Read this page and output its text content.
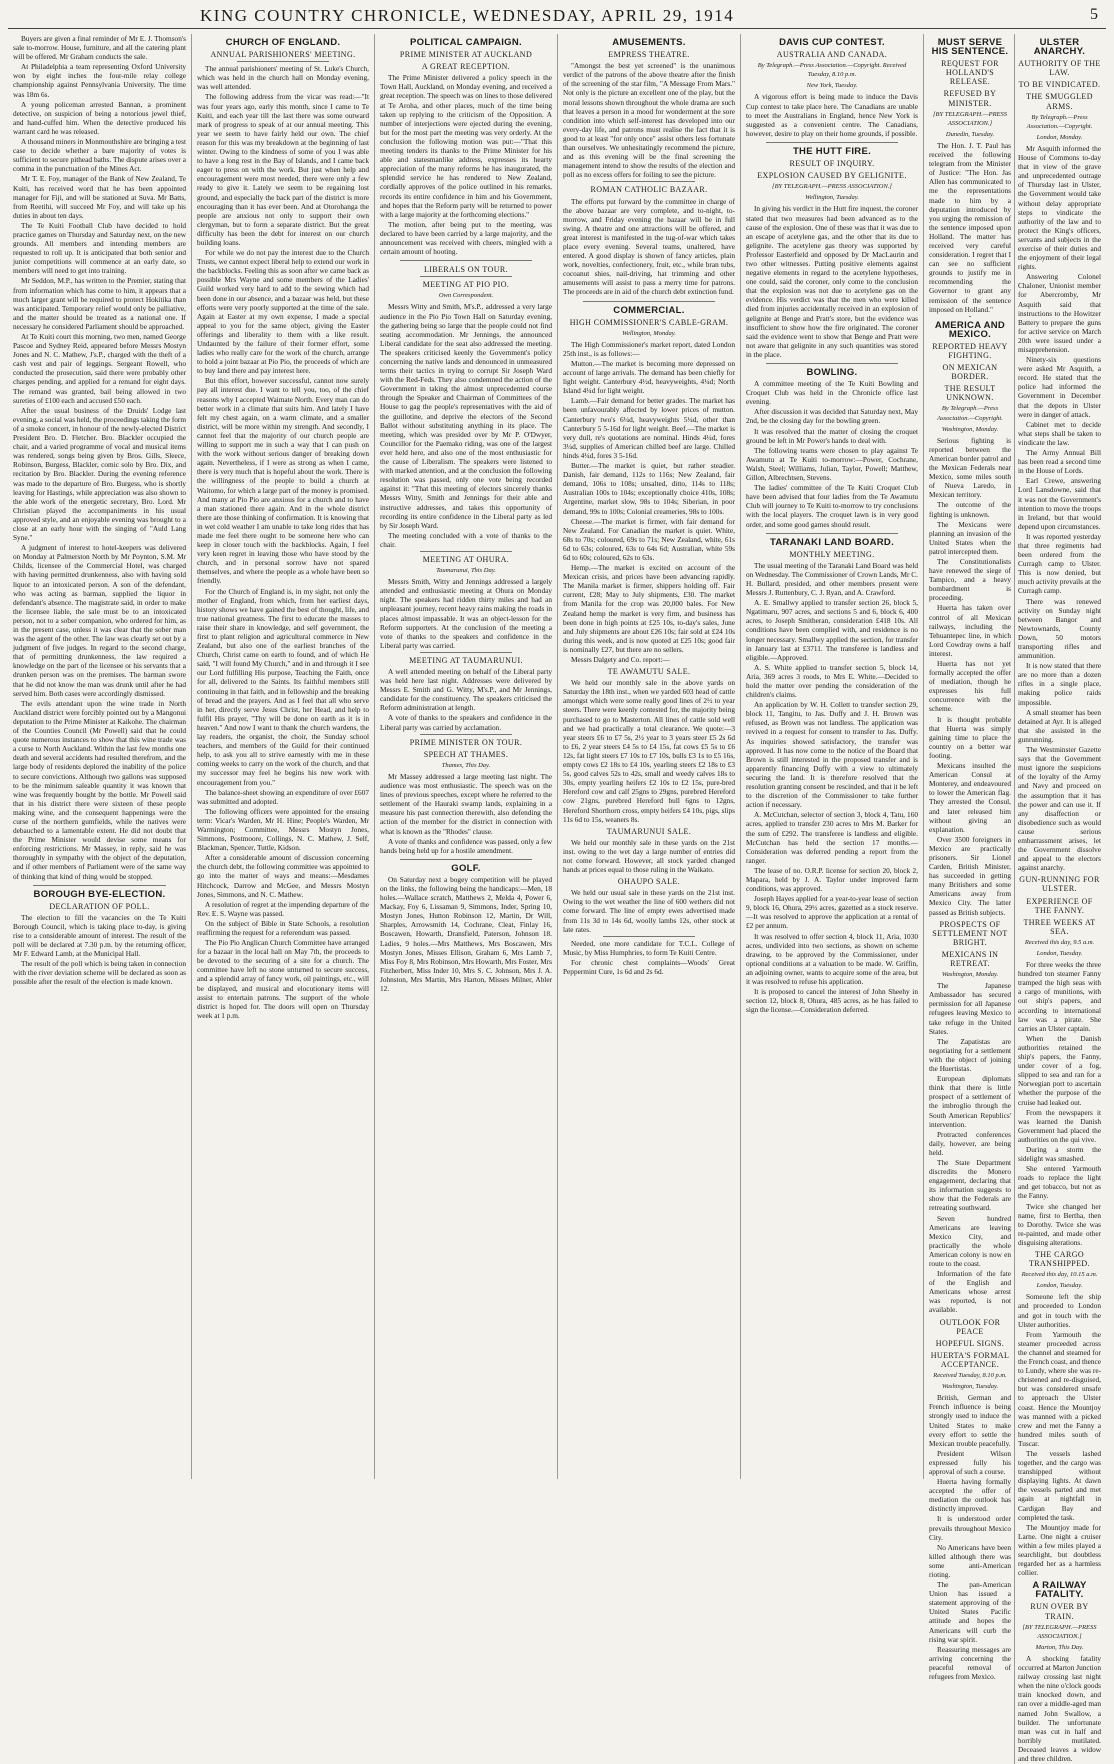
KING COUNTRY CHRONICLE, WEDNESDAY, APRIL 29, 1914	5

Buyers are given a final reminder of Mr E. J. Thomson's sale to-morrow. House, furniture, and all the catering plant will be offered. Mr Graham conducts the sale.

At Philadelphia a team representing Oxford University won by eight inches the four-mile relay college championship against Pennsylvania University. The time was 18m 6s.

A young policeman arrested Bannan, a prominent detective, on suspicion of being a notorious jewel thief, and hand-cuffed him. When the detective produced his warrant card he was released.

A thousand miners in Monmouthshire are bringing a test case to decide whether a bare majority of votes is sufficient to secure pithead baths. The dispute arises over a comma in the punctuation of the Mines Act.

Mr T. E. Foy, manager of the Bank of New Zealand, Te Kuiti, has received word that he has been appointed manager for Fiji, and will be stationed at Suva. Mr Batts, from Reetihi, will succeed Mr Foy, and will take up his duties in about ten days.

The Te Kuiti Football Club have decided to hold practice games on Thursday and Saturday next, on the new grounds. All members and intending members are requested to roll up. It is anticipated that both senior and junior competitions will commence at an early date, so members will need to get into training.

Mr Seddon, M.P., has written to the Premier, stating that from information which has come to him, it appears that a much larger grant will be required to protect Hokitika than was anticipated. Temporary relief would only be palliative, and the matter should be treated as a national one. If necessary he considered Parliament should be approached.

At Te Kuiti court this morning, two men, named George Pascoe and Sydney Reid, appeared before Messrs Mostyn Jones and N. C. Mathew, J's.P., charged with the theft of a cash vest and pair of leggings. Sergeant Rowell, who conducted the prosecution, said there were probably other charges pending, and applied for a remand for eight days. The remand was granted, bail being allowed in two sureties of £100 each and accused £50 each.

After the usual business of the Druids' Lodge last evening, a social was held, the proceedings taking the form of a smoke concert, in honour of the newly-elected District President Bro. D. Fletcher. Bro. Blackler occupied the chair, and a varied programme of vocal and musical items was rendered, songs being given by Bros. Gills, Sleece, Robinson, Burgess, Blackler, comic solo by Bro. Dix, and recitation by Bro. Blackler. During the evening reference was made to the departure of Bro. Burgess, who is shortly leaving for Hastings, while appreciation was also shown to the able work of the energetic secretary, Bro. Lord. Mr Christian played the accompaniments in his usual approved style, and an enjoyable evening was brought to a close at an early hour with the singing of "Auld Lang Syne."

A judgment of interest to hotel-keepers was delivered on Monday at Palmerston North by Mr Poynton, S.M. Mr Childs, licensee of the Commercial Hotel, was charged with having permitted drunkenness, also with having sold liquor to an intoxicated person. A son of the defendant, who was acting as barman, supplied the liquor in defendant's absence. The magistrate said, in order to make the licensee liable, the sale must be to an intoxicated person, not to a sober companion, who ordered for him, as in the present case, unless it was clear that the sober man was the agent of the other. The law was clearly set out by a judgment of five judges. In regard to the second charge, that of permitting drunkenness, the law required a knowledge on the part of the licensee or his servants that a drunken person was on the premises. The barman swore that he did not know the man was drunk until after he had served him. Both cases were accordingly dismissed.

The evils attendant upon the wine trade in North Auckland district were forcibly pointed out by a Mangonui deputation to the Prime Minister at Kaikohe. The chairman of the Counties Council (Mr Powell) said that he could quote numerous instances to show that this wine trade was a curse to North Auckland. Within the last few months one death and several accidents had resulted therefrom, and the large body of residents deplored the inability of the police to secure convictions. Although two gallons was supposed to be the minimum saleable quantity it was known that wine was frequently bought by the bottle. Mr Powell said that in his district there were sixteen of these people making wine, and the consequent happenings were the curse of the northern gumfields, while the natives were debauched to a lamentable extent. He did not doubt that the Prime Minister would devise some means for enforcing restrictions. Mr Massey, in reply, said he was thoroughly in sympathy with the object of the deputation, and if other members of Parliament were of the same way of thinking that kind of thing would be stopped.

BOROUGH BYE-ELECTION.
DECLARATION OF POLL.

The election to fill the vacancies on the Te Kuiti Borough Council, which is taking place to-day, is giving rise to a considerable amount of interest. The result of the poll will be declared at 7.30 p.m. by the returning officer, Mr F. Edward Lamb, at the Municipal Hall.

The result of the poll which is being taken in connection with the river deviation scheme will be declared as soon as possible after the result of the election is made known.

CHURCH OF ENGLAND.
ANNUAL PARISHIONERS' MEETING.

The annual parishioners' meeting of St. Luke's Church, which was held in the church hall on Monday evening, was well attended.

The following address from the vicar was read:—"It was four years ago, early this month, since I came to Te Kuiti, and each year till the last there was some outward mark of progress to speak of at our annual meeting. This year we seem to have fairly held our own. The chief reason for this was my breakdown at the beginning of last winter. Owing to the kindness of some of you I was able to have a long rest in the Bay of Islands, and I came back eager to press on with the work. But just when help and encouragement were most needed, there were only a few ready to give it. Lately we seem to be regaining lost ground, and especially the back part of the district is more encouraging than it has ever been. And at Otorohanga the people are anxious not only to support their own clergyman, but to form a separate district. But the great difficulty has been the debt for interest on our church building loans.

For while we do not pay the interest due to the Church Trusts, we cannot expect liberal help to extend our work in the backblocks. Feeling this as soon after we came back as possible Mrs Wayne and some members of the Ladies' Guild worked very hard to add to the sewing which had been done in our absence, and a bazaar was held, but these efforts were very poorly supported at the time of the sale. Again at Easter at my own expense, I made a special appeal to you for the same object, giving the Easter offerings and liberality to them with a like result. Undaunted by the failure of their former effort, some ladies who really care for the work of the church, arrange to hold a joint bazaar at Pio Pio, the proceeds of which are to buy land there and pay interest here.

But this effort, however successful, cannot now surely pay all interest due. I want to tell you, too, of the chief reasons why I accepted Waimate North. Every man can do better work in a climate that suits him. And lately I have felt my chest again, on a warm climate, and a smaller district, will be more within my strength. And secondly, I cannot feel that the majority of our church people are willing to support me in such a way that I can push on with the work without serious danger of breaking down again. Nevertheless, if I were as strong as when I came, there is very much that is hopeful about the work. There is the willingness of the people to build a church at Waitomo, for which a large part of the money is promised. And many at Pio Pio are anxious for a church and to have a man stationed there again. And in the whole district there are those thinking of confirmation. It is knowing that in wet cold weather I am unable to take long rides that has made me feel there ought to be someone here who can keep in closer touch with the backblocks. Again, I feel very keen regret in leaving those who have stood by the church, and in personal sorrow have not spared themselves, and where the people as a whole have been so friendly.

For the Church of England is, in my sight, not only the mother of England, from which, from her earliest days, history shows we have gained the best of thought, life, and true national greatness. The first to educate the masses to raise their share in knowledge, and self government, the first to plant religion and agricultural commerce in New Zealand, but also one of the earliest branches of the Church, Christ came on earth to found, and of which He said, "I will found My Church," and in and through it I see our Lord fulfilling His purpose, Teaching the Faith, once for all, delivered to the Saints. Its faithful members still continuing in that faith, and in fellowship and the breaking of bread and the prayers. And as I feel that all who serve in her, directly serve Jesus Christ, her Head, and help to fulfil His prayer, "Thy will be done on earth as it is in heaven." And now I want to thank the church wardens, the lay readers, the organist, the choir, the Sunday school teachers, and members of the Guild for their continued help, to ask you all to strive earnestly with me in these coming weeks to carry on the work of the church, and that my successor may feel he begins his new work with encouragement from you."

The balance-sheet showing an expenditure of over £607 was submitted and adopted.

The following officers were appointed for the ensuing term: Vicar's Warden, Mr H. Hine; People's Warden, Mr Warmington; Committee, Messrs Mostyn Jones, Simmons, Postmoore, Collings, N. C. Mathew, J. Self, Blackman, Spencer, Tuttle, Kidson.

After a considerable amount of discussion concerning the church debt, the following committee was appointed to go into the matter of ways and means:—Mesdames Hitchcock, Darrow and McGee, and Messrs Mostyn Jones, Simmons, and N. C. Mathew.

A resolution of regret at the impending departure of the Rev. E. S. Wayne was passed.

On the subject of Bible in State Schools, a resolution reaffirming the request for a referendum was passed.

The Pio Pio Anglican Church Committee have arranged for a bazaar in the local hall on May 7th, the proceeds to be devoted to the securing of a site for a church. The committee have left no stone unturned to secure success, and a splendid array of fancy work, oil paintings, etc., will be displayed, and musical and elocutionary items will assist to entertain patrons. The support of the whole district is hoped for. The doors will open on Thursday week at 1 p.m.

POLITICAL CAMPAIGN.
PRIME MINISTER AT AUCKLAND
A GREAT RECEPTION.

The Prime Minister delivered a policy speech in the Town Hall, Auckland, on Monday evening, and received a great reception. The speech was on lines to those delivered at Te Aroha, and other places, much of the time being taken up replying to the criticism of the Opposition. A number of interjections were ejected during the evening, but for the most part the meeting was very orderly. At the conclusion the following motion was put:—"That this meeting tenders its thanks to the Prime Minister for his able and statesmanlike address, expresses its hearty appreciation of the many reforms he has inaugurated, the splendid service he has rendered to New Zealand, cordially approves of the police outlined in his remarks, records its entire confidence in him and his Government, and hopes that the Reform party will be returned to power with a large majority at the forthcoming elections."

The motion, after being put to the meeting, was declared to have been carried by a large majority, and the announcement was received with cheers, mingled with a certain amount of hooting.

LIBERALS ON TOUR.
MEETING AT PIO PIO.
Own Correspondent.

Messrs Witty and Smith, M's.P., addressed a very large audience in the Pio Pio Town Hall on Saturday evening, the gathering being so large that the people could not find seating accommodation. Mr Jennings, the announced Liberal candidate for the seat also addressed the meeting. The speakers criticised keenly the Government's policy concerning the native lands and denounced in unmeasured terms their tactics in trying to corrupt Sir Joseph Ward with the Red-Feds. They also condemned the action of the Government in taking the almost unprecedented course through the Speaker and Chairman of Committees of the House to gag the people's representatives with the aid of the guillotine, and deprive the electors of the Second Ballot without substituting anything in its place. The meeting, which was presided over by Mr P. O'Dwyer, Councillor for the Paemako riding, was one of the largest ever held here, and also one of the most enthusiastic for the cause of Liberalism. The speakers were listened to with marked attention, and at the conclusion the following resolution was passed, only one vote being recorded against it: "That this meeting of electors sincerely thanks Messrs Witty, Smith and Jennings for their able and instructive addresses, and takes this opportunity of recording its entire confidence in the Liberal party as led by Sir Joseph Ward.

The meeting concluded with a vote of thanks to the chair.

MEETING AT OHURA.
Taumarunui, This Day.

Messrs Smith, Witty and Jennings addressed a largely attended and enthusiastic meeting at Ohura on Monday night. The speakers had ridden thirty miles and had an unpleasant journey, recent heavy rains making the roads in places almost impassable. It was an object-lesson for the Reform supporters. At the conclusion of the meeting a vote of thanks to the speakers and confidence in the Liberal party was carried.

MEETING AT TAUMARUNUI.

A well attended meeting on behalf of the Liberal party was held here last night. Addresses were delivered by Messrs E. Smith and G. Witty, M's.P., and Mr Jennings, candidate for the constituency. The speakers criticised the Reform administration at length.

A vote of thanks to the speakers and confidence in the Liberal party was carried by acclamation.

PRIME MINISTER ON TOUR.
SPEECH AT THAMES.
Thames, This Day.

Mr Massey addressed a large meeting last night. The audience was most enthusiastic. The speech was on the lines of previous speeches, except where he referred to the settlement of the Hauraki swamp lands, explaining in a measure his past connection therewith, also defending the action of the member for the district in connection with what is known as the "Rhodes" clause.

A vote of thanks and confidence was passed, only a few hands being held up for a hostile amendment.

GOLF.

On Saturday next a bogey competition will be played on the links, the following being the handicaps:—Men, 18 holes.—Wallace scratch, Matthews 2, Melda 4, Power 6, Mackay, Foy 6, Lissaman 9, Simmons, Inder, Spring 10, Mostyn Jones, Hutton Robinson 12, Martin, Dr Will, Sharples, Arrowsmith 14, Cochrane, Cleat, Finlay 16, Boscawen, Howarth, Dransfield, Paterson, Johnson 18. Ladies, 9 holes.—Mrs Matthews, Mrs Boscawen, Mrs Mostyn Jones, Misses Ellison, Graham 6, Mrs Lamb 7, Miss Foy 8, Mrs Robinson, Mrs Howarth, Mrs Foster, Mrs Fitzherbert, Miss Inder 10, Mrs S. C. Johnson, Mrs J. A. Johnston, Mrs Martin, Mrs Harton, Misses Milner, Abler 12.

AMUSEMENTS.
EMPRESS THEATRE.

"Amongst the best yet screened" is the unanimous verdict of the patrons of the above theatre after the finish of the screening of the star film, "A Message From Mars." Not only is the picture an excellent one of the play, but the moral lessons shown throughout the whole drama are such that leaves a person in a mood for wonderment at the sore condition into which self-interest has developed into our every-day life, and patrons must realise the fact that it is good to at least "for only once" assist others less fortunate than ourselves. We unhesitatingly recommend the picture, and as this evening will be the final screening the management intend to show the results of the election and poll as no excess offers for foiling to see the picture.

ROMAN CATHOLIC BAZAAR.

The efforts put forward by the committee in charge of the above bazaar are very complete, and to-night, to-morrow, and Friday evening the bazaar will be in full swing. A theatre and one attractions will be offered, and great interest is manifested in the tug-of-war which takes place every evening. Several teams, unaltered, have entered. A good display is shown of fancy articles, plain work, novelties, confectionery, fruit, etc., while bran tubs, cocoanut shies, nail-driving, hat trimming and other amusements will assist to pass a merry time for patrons. The proceeds are in aid of the church debt extinction fund.

COMMERCIAL.
HIGH COMMISSIONER'S CABLE-GRAM.
Wellington, Monday.

The High Commissioner's market report, dated London 25th inst., is as follows:—

Mutton.—The market is becoming more depressed on account of large arrivals. The demand has been chiefly for light weight. Canterbury 4½d, heavyweights, 4¼d; North Island 4¼d for light weight.

Lamb.—Fair demand for better grades. The market has been unfavourably affected by lower prices of mutton. Canterbury two's 6¼d, heavyweights 5¼d, other than Canterbury 5 5-16d for light weight. Beef.—The market is very dull, re's quotations are nominal. Hinds 4¼d, fores 3¼d, supplies of American chilled beef are large. Chilled hinds 4¼d, fores 3 5-16d.

Butter.—The market is quiet, but rather steadier. Danish, fair demand, 112s to 116s; New Zealand, fair demand, 106s to 108s; unsalted, ditto, 114s to 118s; Australian 100s to 104s; exceptionally choice 410s, 108s; Argentine, market slow, 98s to 104s; Siberian, in poor demand, 99s to 100s; Colonial creameries, 98s to 100s.

Cheese.—The market is firmer, with fair demand for New Zealand. For Canadian the market is quiet. White, 68s to 70s; coloured, 69s to 71s; New Zealand, white, 61s 6d to 63s; coloured, 63s to 64s 6d; Australian, white 59s 6d to 60s; coloured, 62s to 63s.

Hemp.—The market is excited on account of the Mexican crisis, and prices have been advancing rapidly. The Manila market is firmer, shippers holding off. Fair current, £28; May to July shipments, £30. The market from Manila for the crop was 20,000 bales. For New Zealand hemp the market is very firm, and business has been done in high points at £25 10s, to-day's sales, June and July shipments are about £26 10s; fair sold at £24 10s during this week, and is now quoted at £25 10s; good fair is nominally £27, but there are no sellers.

Messrs Dalgety and Co. report:—

TE AWAMUTU SALE.

We held our monthly sale in the above yards on Saturday the 18th inst., when we yarded 603 head of cattle amongst which were some really good lines of 2½ to year steers. There were keenly contested for, the majority being purchased to go to Masterton. All lines of cattle sold well and we had practically a total clearance. We quote:—3 year steers £6 to £7 5s, 2½ year to 3 years steer £5 2s 6d to £6, 2 year steers £4 5s to £4 15s, fat cows £5 5s to £6 12s, fat light steers £7 10s to £7 10s, bulls £3 1s to £5 16s, empty cows £2 18s to £4 10s, yearling steers £2 18s to £3 5s, good calves 52s to 42s, small and weedy calves 18s to 30s, empty yearling heifers £2 10s to £2 15s, pure-bred Hereford cow and calf 25gns to 29gns, purebred Hereford cow 21gns, purebred Hereford bull 6gns to 12gns, Hereford Shorthorn cross, empty heifers £4 10s, pigs, slips 11s 6d to 15s, weaners 8s.

TAUMARUNUI SALE.

We held our monthly sale in these yards on the 21st inst. owing to the wet day a large number of entries did not come forward. However, all stock yarded changed hands at prices equal to those ruling in the Waikato.

OHAUPO SALE.

We held our usual sale in these yards on the 21st inst. Owing to the wet weather the line of 600 wethers did not come forward. The line of empty ewes advertised made from 11s 3d to 14s 6d, woolly lambs 12s, other stock at late rates.

Needed, one more candidate for T.C.L. College of Music, by Miss Humphries, to form Te Kuiti Centre.

For chronic chest complaints—Woods' Great Peppermint Cure, 1s 6d and 2s 6d.

DAVIS CUP CONTEST.
AUSTRALIA AND CANADA.
By Telegraph.—Press Association.—Copyright. Received Tuesday, 8.10 p.m.
New York, Tuesday.

A vigorous effort is being made to induce the Davis Cup contest to take place here. The Canadians are unable to meet the Australians in England, hence New York is suggested as a convenient centre. The Canadians, however, desire to play on their home grounds, if possible.

THE HUTT FIRE.
RESULT OF INQUIRY.
EXPLOSION CAUSED BY GELIGNITE.
[BY TELEGRAPH.—PRESS ASSOCIATION.]
Wellington, Tuesday.

In giving his verdict in the Hutt fire inquest, the coroner stated that two measures had been advanced as to the cause of the explosion. One of these was that it was due to an escape of acetylene gas, and the other that its due to gelignite. The acetylene gas theory was supported by Professor Easterfield and opposed by Dr MacLaurin and two other witnesses. Putting positive elements against negative elements in regard to the acetylene hypotheses, one could, said the coroner, only come to the conclusion that the explosion was not due to acetylene gas on the evidence. His verdict was that the men who were killed died from injuries accidentally received in an explosion of gelignite at Benge and Pratt's store, but the evidence was insufficient to show how the fire originated. The coroner said the evidence went to show that Benge and Pratt were not aware that gelignite in any such quantities was stored in the place.

BOWLING.

A committee meeting of the Te Kuiti Bowling and Croquet Club was held in the Chronicle office last evening.

After discussion it was decided that Saturday next, May 2nd, be the closing day for the bowling green.

It was resolved that the matter of closing the croquet ground be left in Mr Power's hands to deal with.

The following teams were chosen to play against Te Awamutu at Te Kuiti to-morrow:—Power, Cochrane, Walsh, Steel; Williams, Julian, Taylor, Powell; Matthew, Gillon, Albrechtsen, Stevens.

The ladies' committee of the Te Kuiti Croquet Club have been advised that four ladies from the Te Awamutu Club will journey to Te Kuiti to-morrow to try conclusions with the local players. The croquet lawn is in very good order, and some good games should result.

TARANAKI LAND BOARD.
MONTHLY MEETING.

The usual meeting of the Taranaki Land Board was held on Wednesday. The Commissioner of Crown Lands, Mr C. H. Bullard, presided, and other members present were Messrs J. Ruttenbury, C. J. Ryan, and A. Crawford.

A. E. Smallwy applied to transfer section 26, block 5, Ngatimaru, 907 acres, and sections 5 and 6, block 6, 400 acres, to Joseph Smitheran, consideration £418 10s. All conditions have been complied with, and residence is no longer necessary. Smallwy applied the section, for transfer in January last at £3711. The transferee is landless and eligible.—Approved.

A. S. White applied to transfer section 5, block 14, Aria, 369 acres 3 roods, to Mrs E. White.—Decided to hold the matter over pending the consideration of the children's claims.

An application by W. H. Collett to transfer section 29, block 11, Tangitu, to Jas. Duffy and J. H. Brown was refused, as Brown was not landless. The application was revived in a request for consent to transfer to Jas. Duffy. As inquiries showed satisfactory, the transfer was approved. It has now come to the notice of the Board that Brown is still interested in the proposed transfer and is apparently financing Duffy with a view to ultimately securing the land. It is therefore resolved that the resolution granting consent be rescinded, and that it be left to the discretion of the Commissioner to take further action if necessary.

A. McCutchan, selector of section 3, block 4, Tatu, 160 acres, applied to transfer 230 acres to Mrs M. Barker for the sum of £292. The transferee is landless and eligible. McCutchan has held the section 17 months.—Consideration was deferred pending a report from the ranger.

The lease of no. O.R.P. license for section 20, block 2, Mapara, held by J. A. Taylor under improved farm conditions, was approved.

Joseph Hayes applied for a year-to-year lease of section 9, block 16, Ohura, 29½ acres, gazetted as a stock reserve.—It was resolved to approve the application at a rental of £2 per annum.

It was resolved to offer section 4, block 11, Aria, 1030 acres, undivided into two sections, as shown on scheme drawing, to be approved by the Commissioner, under optional conditions at a valuation to be made. W. Griffin, an adjoining owner, wants to acquire some of the area, but it was resolved to refuse his application.

It is proposed to cancel the interest of John Sheehy in section 12, block 8, Ohura, 485 acres, as he has failed to sign the license.—Consideration deferred.

MUST SERVE HIS SENTENCE.
REQUEST FOR HOLLAND'S RELEASE.
REFUSED BY MINISTER.
[BY TELEGRAPH.—PRESS ASSOCIATION.]
Dunedin, Tuesday.

The Hon. J. T. Paul has received the following telegram from the Minister of Justice: "The Hon. Jas Allen has communicated to me the representations made to him by a deputation introduced by you urging the remission of the sentence imposed upon Holland. The matter has received very careful consideration. I regret that I can see no sufficient grounds to justify me in recommending the Governor to grant any remission of the sentence imposed on Holland."

AMERICA AND MEXICO.
REPORTED HEAVY FIGHTING.
ON MEXICAN BORDER.
THE RESULT UNKNOWN.
By Telegraph.—Press Association.—Copyright.
Washington, Monday.

Serious fighting is reported between the American border patrol and the Mexican Federals near Mexico, some miles south of Nueva Laredo, in Mexican territory.

The outcome of the fighting is unknown.

The Mexicans were planning an invasion of the United States when the patrol intercepted them.

The Constitutionalists have renewed the siege of Tampico, and a heavy bombardment is proceeding.

Huerta has taken over control of all Mexican railways, including the Tehuantepec line, in which Lord Cowdray owns a half interest.

Huerta has not yet formally accepted the offer of mediation, though he expresses his full concurrence with the scheme.

It is thought probable that Huerta was simply gaining time to place the country on a better war footing.

Mexicans insulted the American Consul at Monterey, and endeavoured to lower the American flag. They arrested the Consul, and later released him without giving an explanation.

Over 3500 foreigners in Mexico are practically prisoners. Sir Lionel Carden, British Minister, has succeeded in getting many Britishers and some Americans away from Mexico City. The latter passed as British subjects.

PROSPECTS OF SETTLEMENT NOT BRIGHT.
MEXICANS IN RETREAT.
Washington, Monday.

The Japanese Ambassador has secured permission for all Japanese refugees leaving Mexico to take refuge in the United States.

The Zapatistas are negotiating for a settlement with the object of joining the Huertistas.

European diplomats think that there is little prospect of a settlement of the imbroglio through the South American Republics' intervention.

Protracted conferences daily, however, are being held.

The State Department discredits the Monero engagement, declaring that its information suggests to show that the Federals are retreating southward.

Seven hundred Americans are leaving Mexico City, and practically the whole American colony is now en route to the coast.

Information of the fate of the English and Americans whose arrest was reported, is not available.

OUTLOOK FOR PEACE
HOPEFUL SIGNS.
HUERTA'S FORMAL ACCEPTANCE.
Received Tuesday, 8.10 p.m.
Washington, Tuesday.

British, German and French influence is being strongly used to induce the United States to make every effort to settle the Mexican trouble peacefully.

President Wilson expressed fully his approval of such a course.

Huerta having formally accepted the offer of mediation the outlook has distinctly improved.

It is understood order prevails throughout Mexico City.

No Americans have been killed although there was some anti-American rioting.

The pan-American Union has issued a statement approving of the United States Pacific attitude and hopes the Americans will curb the rising war spirit.

Reassuring messages are arriving concerning the peaceful removal of refugees from Mexico.

ULSTER ANARCHY.
AUTHORITY OF THE LAW.
TO BE VINDICATED.
THE SMUGGLED ARMS.
By Telegraph.—Press Association.—Copyright.
London, Monday.

Mr Asquith informed the House of Commons to-day that in view of the grave and unprecedented outrage of Thursday last in Ulster, the Government would take without delay appropriate steps to vindicate the authority of the law and to protect the King's officers, servants and subjects in the exercise of their duties and the enjoyment of their legal rights.

Answering Colonel Chaloner, Unionist member for Abercromby, Mr Asquith said that instructions to the Howitzer Battery to prepare the guns for active service on March 20th were issued under a misapprehension.

Ninety-six questions were asked Mr Asquith, a record. He stated that the police had informed the Government in December that the depots in Ulster were in danger of attack.

Cabinet met to decide what steps shall be taken to vindicate the law.

The Army Annual Bill has been read a second time in the House of Lords.

Earl Crewe, answering Lord Lansdowne, said that it was not the Government's intention to move the troops in Ireland, but that would depend upon circumstances.

It was reported yesterday that three regiments had been ordered from the Curragh camp to Ulster. This is now denied, but much activity prevails at the Curragh camp.

There was renewed activity on Sunday night between Bangor and Newtownards, County Down, 50 motors transporting rifles and ammunition.

It is now stated that there are no more than a dozen rifles in a single place, making police raids impossible.

A small steamer has been detained at Ayr. It is alleged that she assisted in the gunrunning.

The Westminster Gazette says that the Government must ignore the suspicions of the loyalty of the Army and Navy and proceed on the assumption that it has the power and can use it. If any disaffection or disobedience such as would cause serious embarrassment arises, let the Government dissolve and appeal to the electors against anarchy.

GUN-RUNNING FOR ULSTER.
EXPERIENCE OF THE FANNY.
THREE WEEKS AT SEA.
Received this day, 9.5 a.m.
London, Tuesday.

For three weeks the three hundred ton steamer Fanny tramped the high seas with a cargo of munitions, with out ship's papers, and according to international law was a pirate. She carries an Ulster captain.

When the Danish authorities retained the ship's papers, the Fanny, under cover of a fog, slipped to sea and ran for a Norwegian port to ascertain whether the purpose of the cruise had leaked out.

From the newspapers it was learned the Danish Government had placed the authorities on the qui vive.

During a storm the sidelight was smashed.

She entered Yarmouth roads to replace the light and get tobacco, but not as the Fanny.

Twice she changed her name, first to Bertha, then to Dorothy. Twice she was re-painted, and made other disguising alterations.

THE CARGO TRANSHIPPED.
Received this day, 10.15 a.m.
London, Tuesday.

Someone left the ship and proceeded to London and got in touch with the Ulster authorities.

From Yarmouth the steamer proceeded across the channel and steamed for the French coast, and thence to Lundy, where she was re-christened and re-disguised, but was considered unsafe to approach the Ulster coast. Hence the Mountjoy was manned with a picked crew and met the Fanny a hundred miles south of Tuscar.

The vessels lashed together, and the cargo was transhipped without displaying lights. At dawn the vessels parted and met again at nightfall in Cardigan Bay and completed the task.

The Mountjoy made for Larne. One night a cruiser within a few miles played a searchlight, but doubtless regarded her as a harmless collier.

A RAILWAY FATALITY.
RUN OVER BY TRAIN.
[BY TELEGRAPH.—PRESS ASSOCIATION.]
Marton, This Day.

A shocking fatality occurred at Marton Junction railway crossing last night when the nine o'clock goods train knocked down, and ran over a middle-aged man named John Swallow, a builder. The unfortunate man was cut in half and horribly mutilated. Deceased leaves a widow and three children.
